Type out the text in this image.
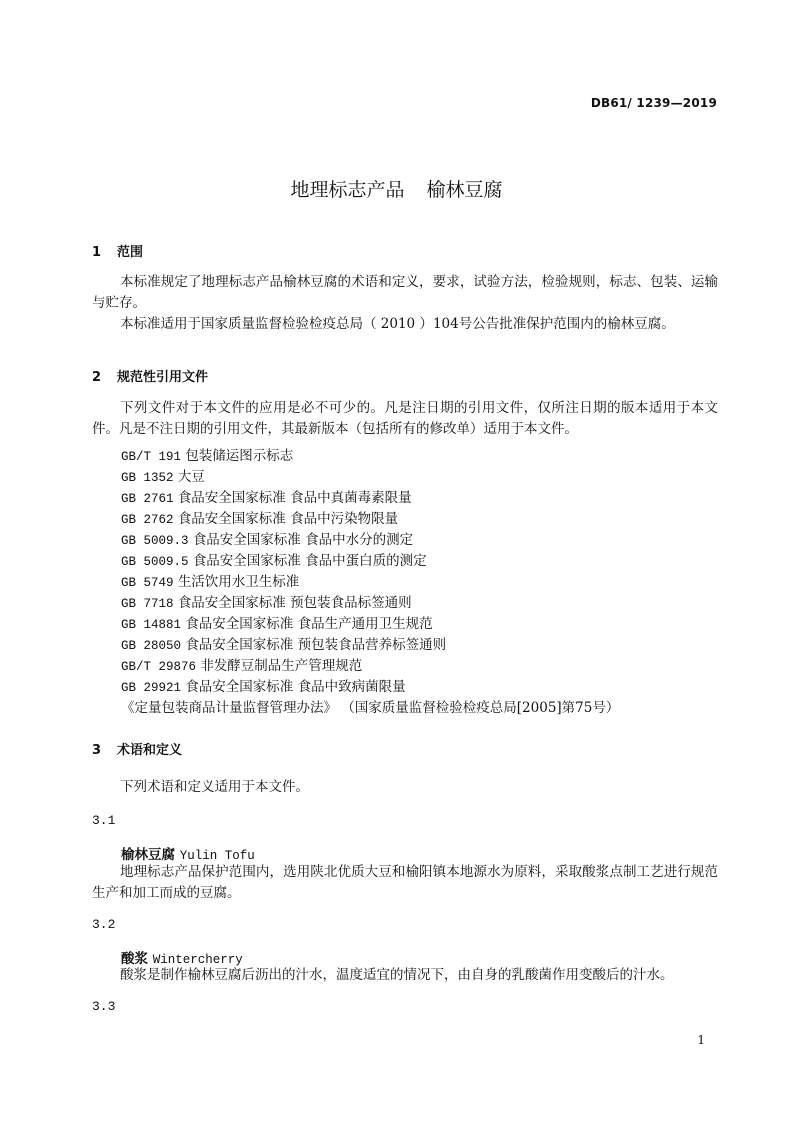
DB61/ 1239—2019
地理标志产品 榆林豆腐
1 范围

本标准规定了地理标志产品榆林豆腐的术语和定义，要求，试验方法，检验规则，标志、包装、运输与贮存。

本标准适用于国家质量监督检验检疫总局（ 2010 ）104号公告批准保护范围内的榆林豆腐。

2 规范性引用文件

下列文件对于本文件的应用是必不可少的。凡是注日期的引用文件，仅所注日期的版本适用于本文件。凡是不注日期的引用文件，其最新版本（包括所有的修改单）适用于本文件。

GB/T 191 包装储运图示标志
GB 1352 大豆
GB 2761 食品安全国家标准 食品中真菌毒素限量
GB 2762 食品安全国家标准 食品中污染物限量
GB 5009.3 食品安全国家标准 食品中水分的测定
GB 5009.5 食品安全国家标准 食品中蛋白质的测定
GB 5749 生活饮用水卫生标准
GB 7718 食品安全国家标准 预包装食品标签通则
GB 14881 食品安全国家标准 食品生产通用卫生规范
GB 28050 食品安全国家标准 预包装食品营养标签通则
GB/T 29876 非发酵豆制品生产管理规范
GB 29921 食品安全国家标准 食品中致病菌限量
《定量包装商品计量监督管理办法》 （国家质量监督检验检疫总局[2005]第75号）
3 术语和定义

下列术语和定义适用于本文件。

3.1
榆林豆腐 Yulin Tofu

地理标志产品保护范围内，选用陕北优质大豆和榆阳镇本地源水为原料，采取酸浆点制工艺进行规范生产和加工而成的豆腐。

3.2
酸浆 Wintercherry

酸浆是制作榆林豆腐后沥出的汁水，温度适宜的情况下，由自身的乳酸菌作用变酸后的汁水。

3.3
1
